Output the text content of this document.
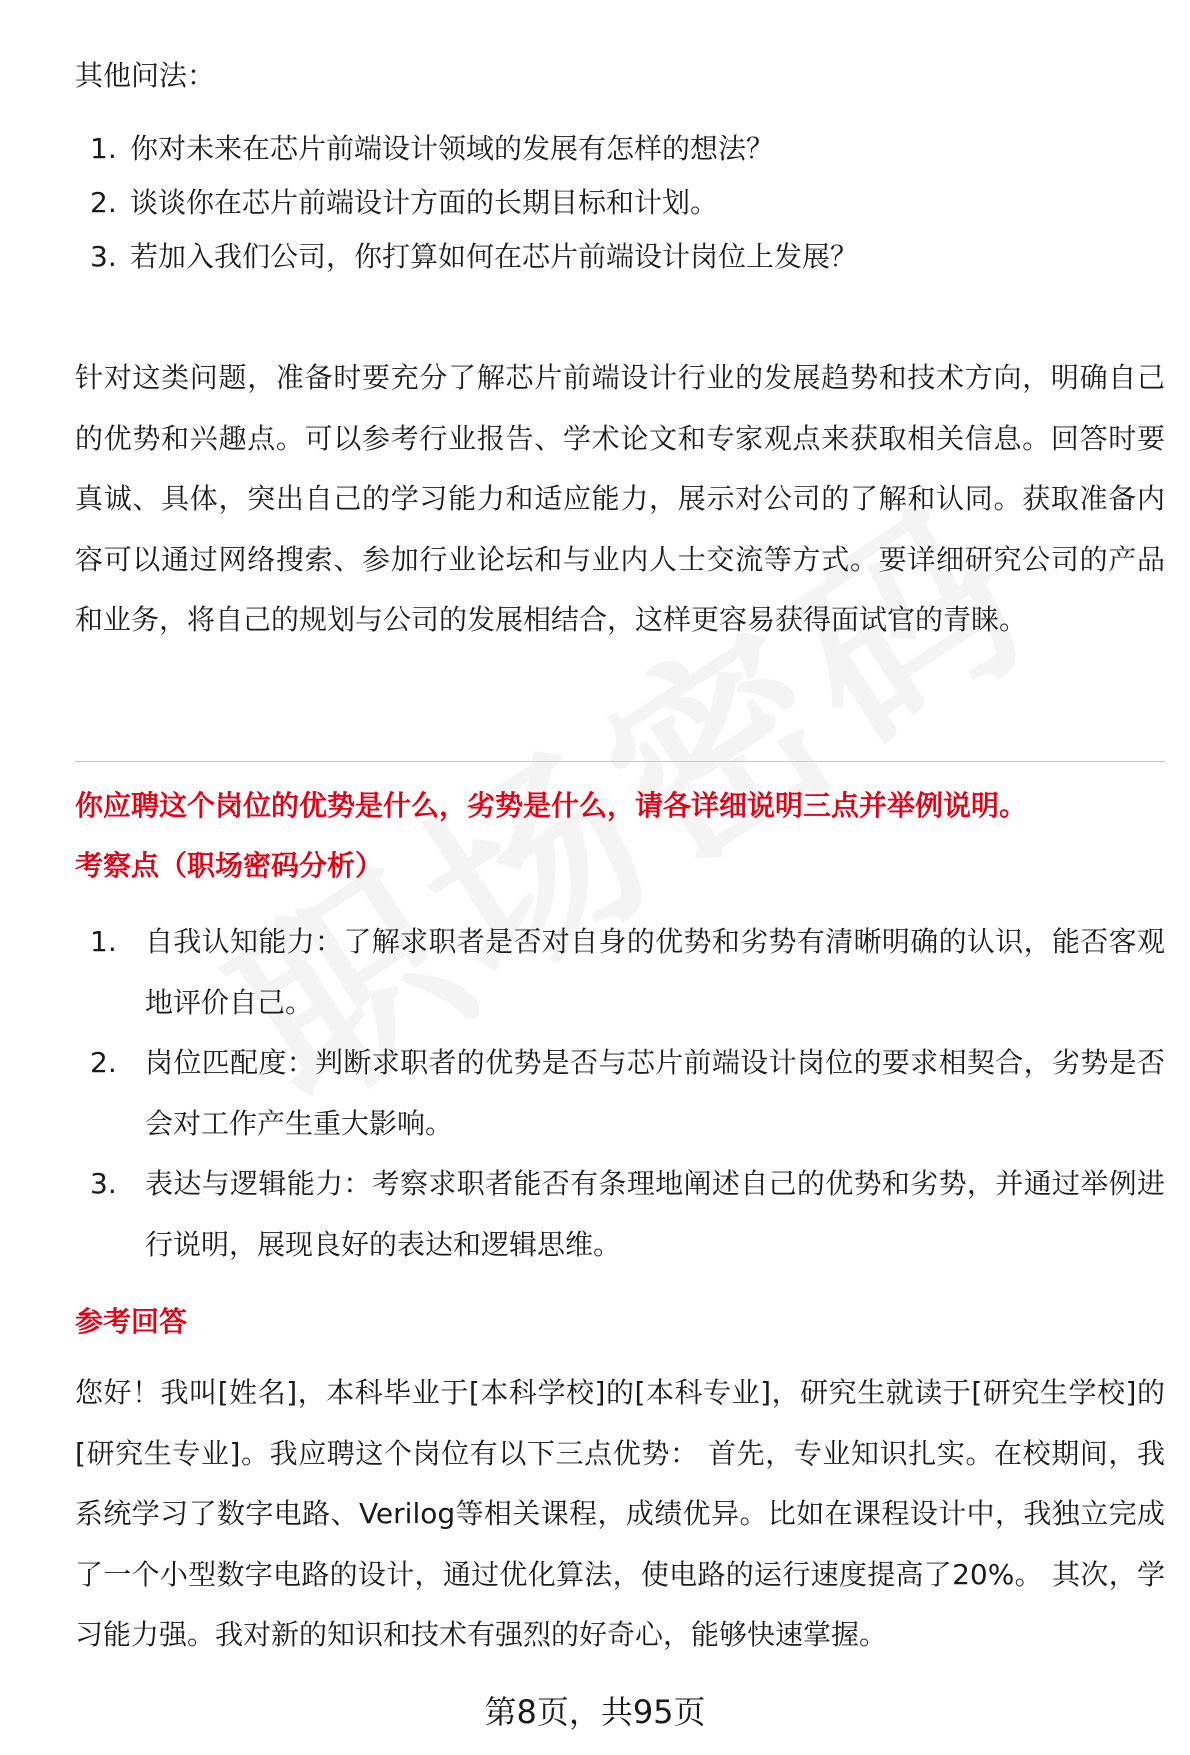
其他问法：
1. 你对未来在芯片前端设计领域的发展有怎样的想法？
2. 谈谈你在芯片前端设计方面的长期目标和计划。
3. 若加入我们公司，你打算如何在芯片前端设计岗位上发展？
针对这类问题，准备时要充分了解芯片前端设计行业的发展趋势和技术方向，明确自己的优势和兴趣点。可以参考行业报告、学术论文和专家观点来获取相关信息。回答时要真诚、具体，突出自己的学习能力和适应能力，展示对公司的了解和认同。获取准备内容可以通过网络搜索、参加行业论坛和与业内人士交流等方式。要详细研究公司的产品和业务，将自己的规划与公司的发展相结合，这样更容易获得面试官的青睐。
你应聘这个岗位的优势是什么，劣势是什么，请各详细说明三点并举例说明。
考察点（职场密码分析）
1. 自我认知能力：了解求职者是否对自身的优势和劣势有清晰明确的认识，能否客观地评价自己。
2. 岗位匹配度：判断求职者的优势是否与芯片前端设计岗位的要求相契合，劣势是否会对工作产生重大影响。
3. 表达与逻辑能力：考察求职者能否有条理地阐述自己的优势和劣势，并通过举例进行说明，展现良好的表达和逻辑思维。
参考回答
您好！我叫[姓名]，本科毕业于[本科学校]的[本科专业]，研究生就读于[研究生学校]的[研究生专业]。我应聘这个岗位有以下三点优势： 首先，专业知识扎实。在校期间，我系统学习了数字电路、Verilog等相关课程，成绩优异。比如在课程设计中，我独立完成了一个小型数字电路的设计，通过优化算法，使电路的运行速度提高了20%。 其次，学习能力强。我对新的知识和技术有强烈的好奇心，能够快速掌握。
第8页，共95页
